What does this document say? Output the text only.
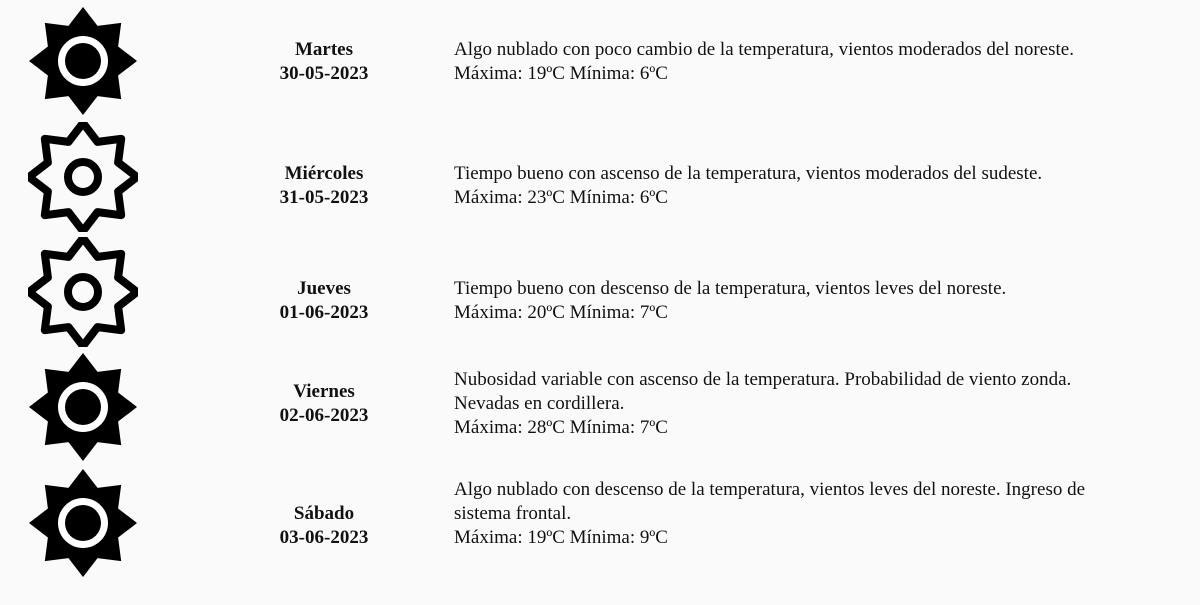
Martes
30-05-2023
Algo nublado con poco cambio de la temperatura, vientos moderados del noreste.
Máxima: 19ºC Mínima: 6ºC
Miércoles
31-05-2023
Tiempo bueno con ascenso de la temperatura, vientos moderados del sudeste.
Máxima: 23ºC Mínima: 6ºC
Jueves
01-06-2023
Tiempo bueno con descenso de la temperatura, vientos leves del noreste.
Máxima: 20ºC Mínima: 7ºC
Viernes
02-06-2023
Nubosidad variable con ascenso de la temperatura. Probabilidad de viento zonda.
Nevadas en cordillera.
Máxima: 28ºC Mínima: 7ºC
Sábado
03-06-2023
Algo nublado con descenso de la temperatura, vientos leves del noreste. Ingreso de
sistema frontal.
Máxima: 19ºC Mínima: 9ºC
